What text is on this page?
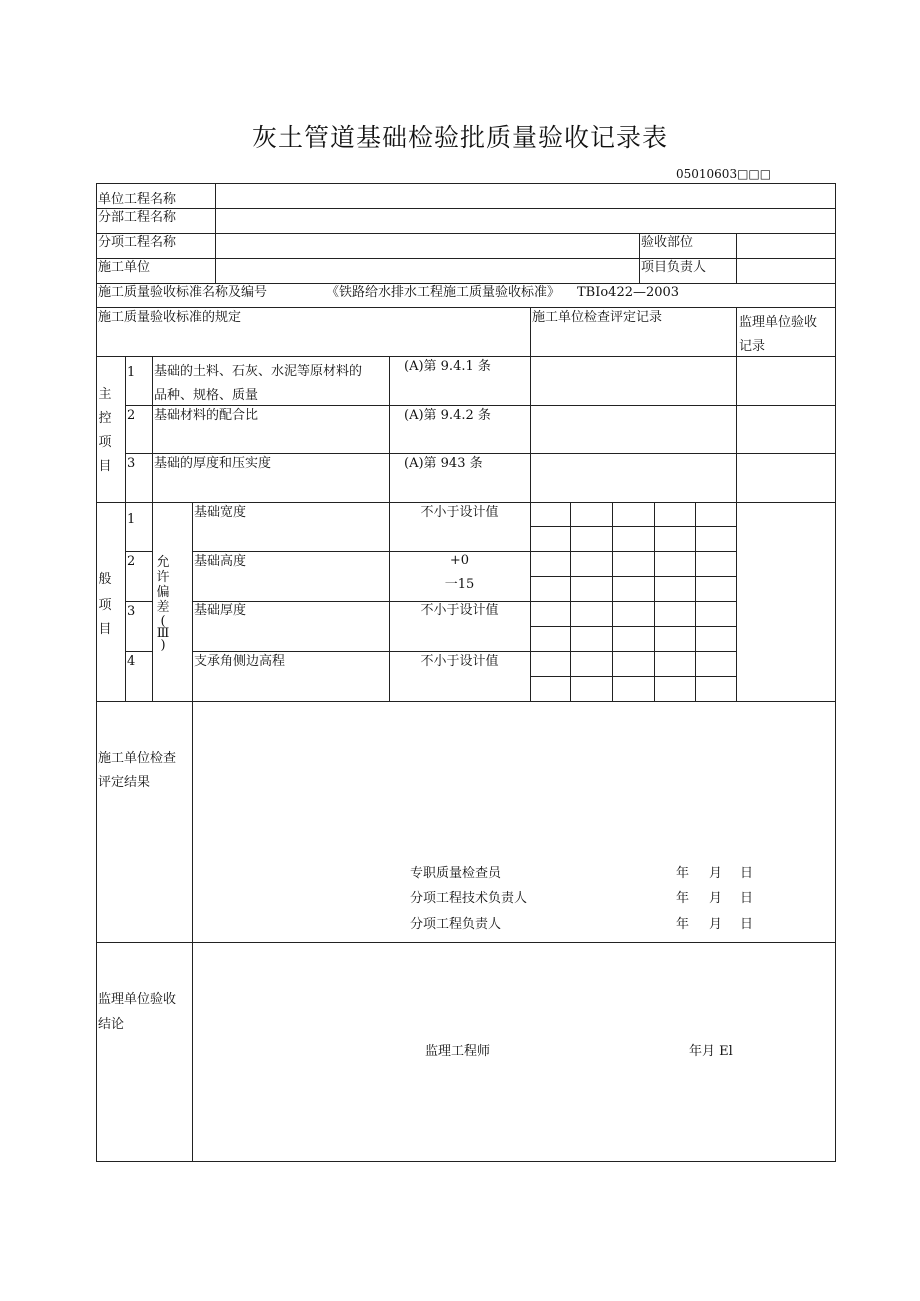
灰土管道基础检验批质量验收记录表
05010603□□□
单位工程名称
分部工程名称
分项工程名称	验收部位
施工单位	项目负责人
施工质量验收标准名称及编号	《铁路给水排水工程施工质量验收标准》 TBIo422—2003
施工质量验收标准的规定	施工单位检查评定记录	监理单位验收
记录
主
控
项
目
1 基础的土料、石灰、水泥等原材料的
品种、规格、质量
(A)第 9.4.1 条
2 基础材料的配合比	(A)第 9.4.2 条
3 基础的厚度和压实度	(A)第 943 条
般
项
目
允
许
偏
差
(
Ⅲ
)
1	基础宽度	不小于设计值
2	基础高度	+0
一15
3	基础厚度	不小于设计值
4	支承角侧边高程	不小于设计值
施工单位检查
评定结果
专职质量检查员	年 月 日
分项工程技术负责人	年 月 日
分项工程负责人	年 月 日
监理单位验收
结论
监理工程师	年月 El
